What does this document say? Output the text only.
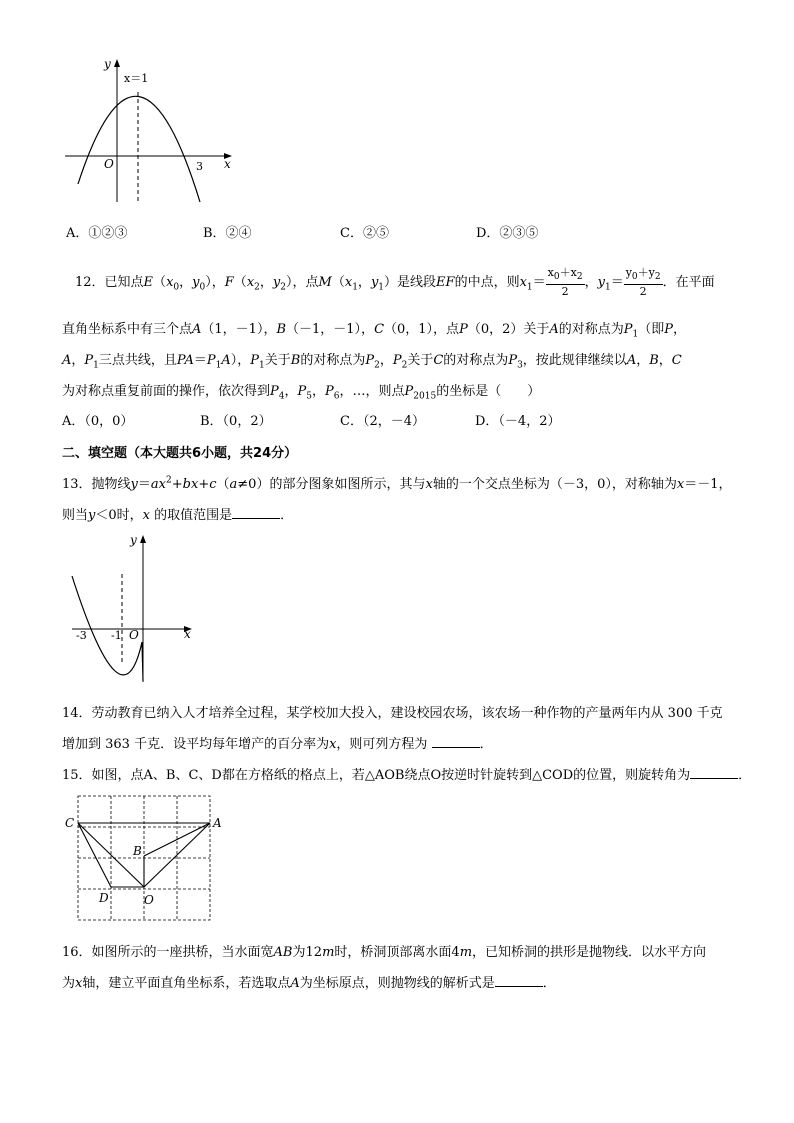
y
x
O
x＝1
3
A．①②③	B．②④	C．②⑤	D．②③⑤
12．已知点$E(x_0$，$y_0$），$F(x_2$，$y_2$），点$M(x_1$，$y_1$）是线段EF的中点，则$x_1= \frac{x_0+x_2}{2}$ ，$y_1= \frac{y_0+y_2}{2}$ ．在平面
直角坐标系中有三个点A（1，－1），B（－1，－1），C（0，1），点P（0，2）关于A的对称点为$P_1$（即P，
A，$P_1$三点共线，且$PA=P_1A$），$P_1$关于B的对称点为$P_2$，$P_2$关于C的对称点为$P_3$，按此规律继续以A，B，C
为对称点重复前面的操作，依次得到$P_4$，$P_5$，$P_6$，…，则点$P_{2015}$的坐标是（　　）
A．（0，0）	B．（0，2）	C．（2，－4）	D．（－4，2）
二、填空题（本大题共6小题，共24分）
13．抛物线$y=ax^2+bx+c(a\ne 0)$的部分图象如图所示，其与x轴的一个交点坐标为（－3，0），对称轴为x＝－1，
则当y＜0时，x 的取值范围是	．
y
x
O
-3 -1
14．劳动教育已纳入人才培养全过程，某学校加大投入，建设校园农场，该农场一种作物的产量两年内从 300 千克
增加到 363 千克．设平均每年增产的百分率为x，则可列方程为	．
15．如图，点A、B、C、D都在方格纸的格点上，若△AOB绕点O按逆时针旋转到△COD的位置，则旋转角为	．
C	A
B
D	O
16．如图所示的一座拱桥，当水面宽AB为12m时，桥洞顶部离水面4m，已知桥洞的拱形是抛物线．以水平方向
为x轴，建立平面直角坐标系，若选取点A为坐标原点，则抛物线的解析式是	．
